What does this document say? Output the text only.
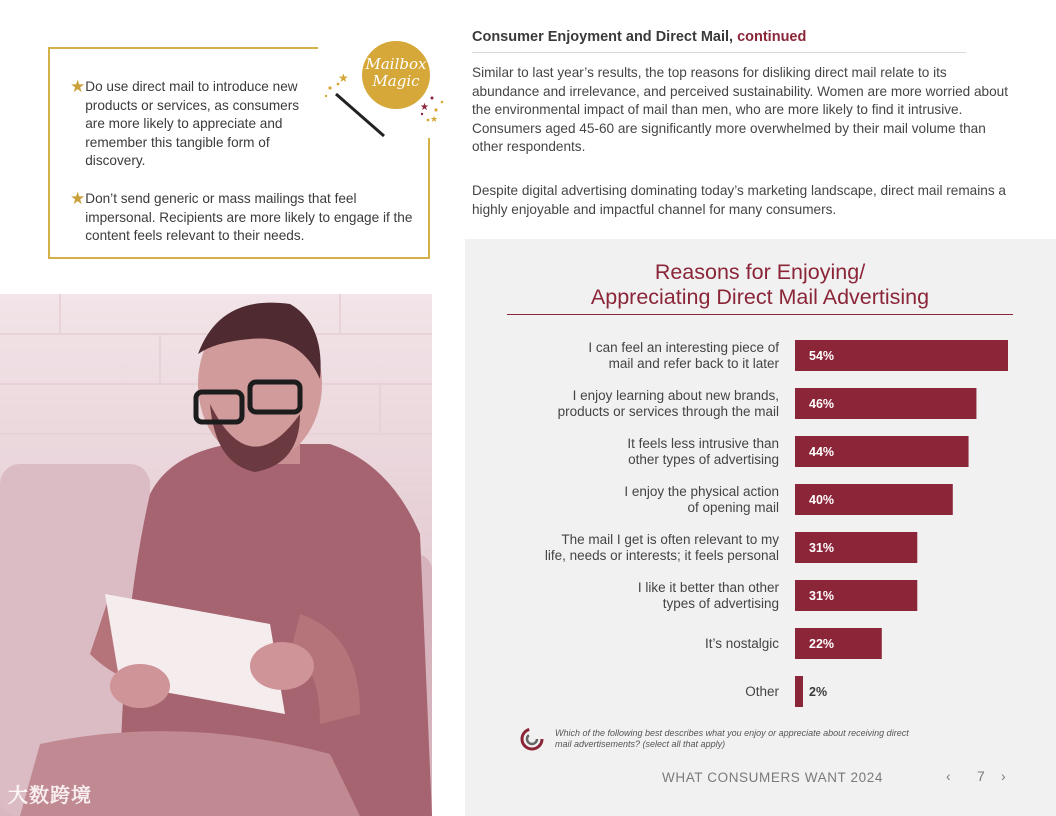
★ Do use direct mail to introduce new products or services, as consumers are more likely to appreciate and remember this tangible form of discovery.

★ Don’t send generic or mass mailings that feel impersonal. Recipients are more likely to engage if the content feels relevant to their needs.

★
★
★
Mailbox
Magic
大数跨境
Consumer Enjoyment and Direct Mail, continued

Similar to last year’s results, the top reasons for disliking direct mail relate to its abundance and irrelevance, and perceived sustainability. Women are more worried about the environmental impact of mail than men, who are more likely to find it intrusive. Consumers aged 45-60 are significantly more overwhelmed by their mail volume than other respondents.

Despite digital advertising dominating today’s marketing landscape, direct mail remains a highly enjoyable and impactful channel for many consumers.

Reasons for Enjoying/
Appreciating Direct Mail Advertising
54%
I can feel an interesting piece of
mail and refer back to it later
46%
I enjoy learning about new brands,
products or services through the mail
44%
It feels less intrusive than
other types of advertising
40%
I enjoy the physical action
of opening mail
31%
The mail I get is often relevant to my
life, needs or interests; it feels personal
31%
I like it better than other
types of advertising
22%
It’s nostalgic
2%
Other

Which of the following best describes what you enjoy or appreciate about receiving direct mail advertisements? (select all that apply)

WHAT CONSUMERS WANT 2024	‹ 7 ›
